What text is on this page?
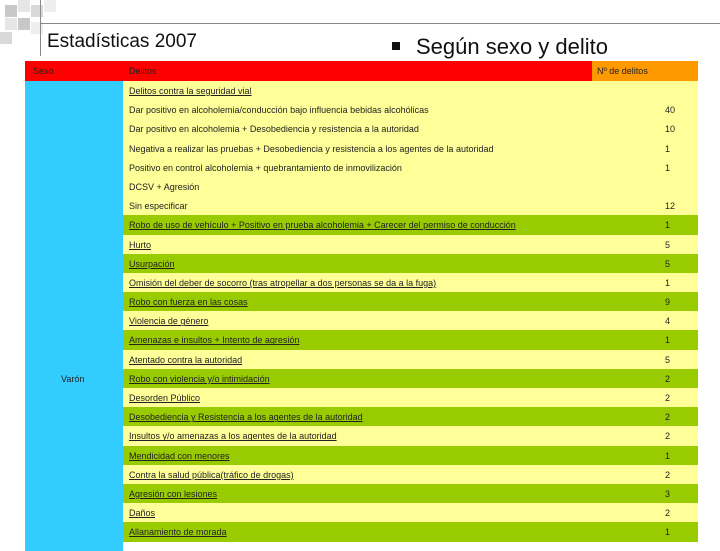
Estadísticas 2007	Según sexo y delito
Sexo	Delitos	Nº de delitos
Varón
Delitos contra la seguridad vial
Dar positivo en alcoholemia/conducción bajo influencia bebidas alcohólicas	40
Dar positivo en alcoholemia + Desobediencia y resistencia a la autoridad	10
Negativa a realizar las pruebas + Desobediencia y resistencia a los agentes de la autoridad	1
Positivo en control alcoholemia + quebrantamiento de inmovilización	1
DCSV + Agresión
Sin especificar	12
Robo de uso de vehículo + Positivo en prueba alcoholemia + Carecer del permiso de conducción	1
Hurto	5
Usurpación	5
Omisión del deber de socorro (tras atropellar a dos personas se da a la fuga)	1
Robo con fuerza en las cosas	9
Violencia de género	4
Amenazas e insultos + Intento de agresión	1
Atentado contra la autoridad	5
Robo con violencia y/o intimidación	2
Desorden Público	2
Desobediencia y Resistencia a los agentes de la autoridad	2
Insultos y/o amenazas a los agentes de la autoridad	2
Mendicidad con menores	1
Contra la salud pública(tráfico de drogas)	2
Agresión con lesiones	3
Daños	2
Allanamiento de morada	1
